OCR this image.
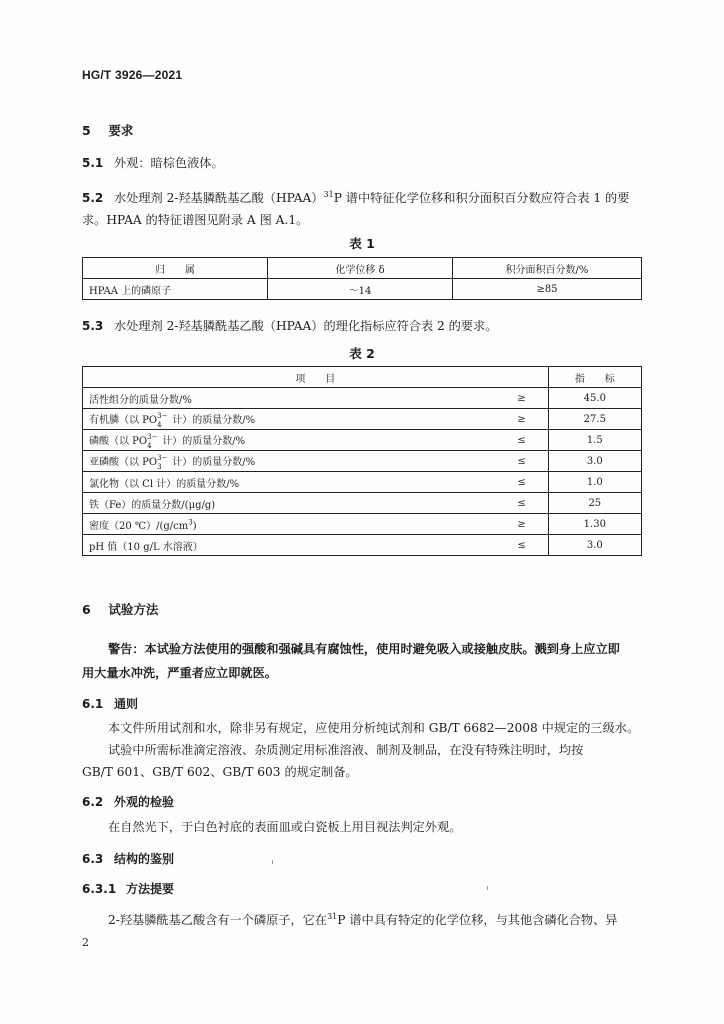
HG/T 3926—2021
5 要求
5.1 外观：暗棕色液体。
5.2 水处理剂 2-羟基膦酰基乙酸（HPAA）$^{31}$P 谱中特征化学位移和积分面积百分数应符合表 1 的要
求。HPAA 的特征谱图见附录 A 图 A.1。
表 1
归　　属	化学位移 δ	积分面积百分数/%
HPAA 上的磷原子	～14	≥85
5.3 水处理剂 2-羟基膦酰基乙酸（HPAA）的理化指标应符合表 2 的要求。
表 2
项　　目		指　　标
活性组分的质量分数/%	≥	45.0
有机膦（以 PO 3−
4 计）的质量分数/%	≥	27.5
磷酸（以 PO 3−
4 计）的质量分数/%	≤	1.5
亚磷酸（以 PO 3−
3 计）的质量分数/%	≤	3.0
氯化物（以 Cl 计）的质量分数/%	≤	1.0
铁（Fe）的质量分数/(μg/g)	≤	25
密度（20 $℃)/(g/cm^3)$	≥	1.30
pH 值（10 g/L 水溶液）	≤	3.0
6 试验方法
警告：本试验方法使用的强酸和强碱具有腐蚀性，使用时避免吸入或接触皮肤。溅到身上应立即
用大量水冲洗，严重者应立即就医。
6.1 通则
本文件所用试剂和水，除非另有规定，应使用分析纯试剂和 GB/T 6682—2008 中规定的三级水。
试验中所需标准滴定溶液、杂质测定用标准溶液、制剂及制品，在没有特殊注明时，均按
GB/T 601、GB/T 602、GB/T 603 的规定制备。
6.2 外观的检验
在自然光下，于白色衬底的表面皿或白瓷板上用目视法判定外观。
6.3 结构的鉴别
6.3.1 方法提要
2-羟基膦酰基乙酸含有一个磷原子，它在$^{31}$P 谱中具有特定的化学位移，与其他含磷化合物、异
2
